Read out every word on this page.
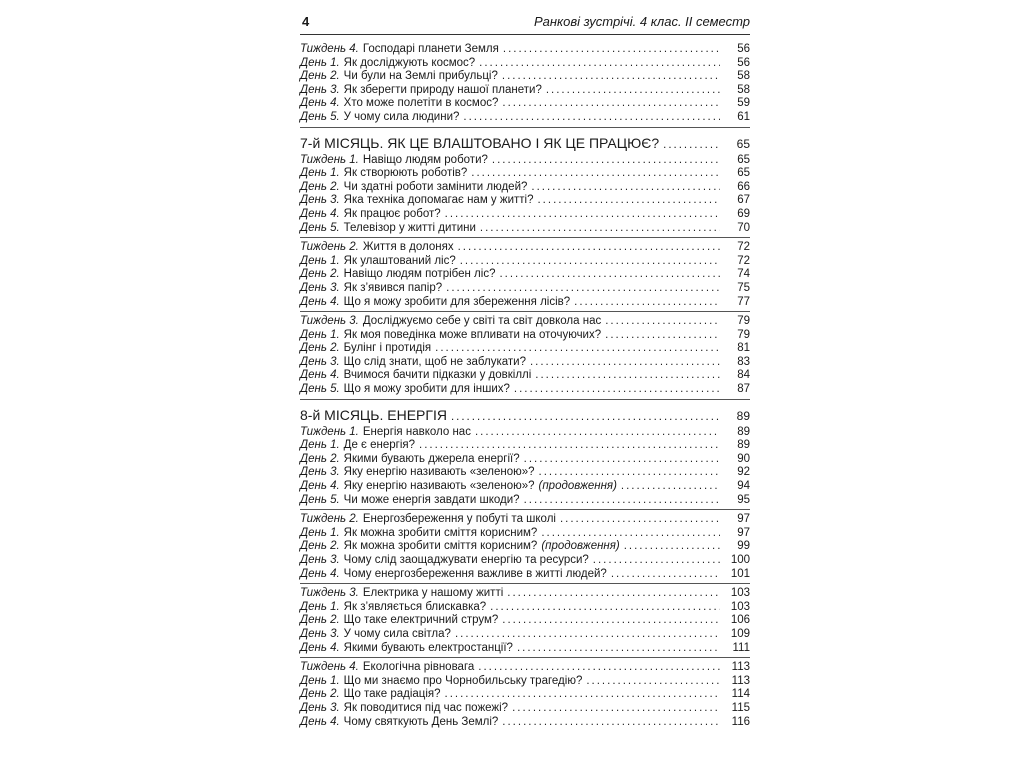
4	Ранкові зустрічі. 4 клас. II семестр
Тиждень 4. Господарі планети Земля .....	56
День 1. Як досліджують космос? .....	56
День 2. Чи були на Землі прибульці? .....	58
День 3. Як зберегти природу нашої планети? .....	58
День 4. Хто може полетіти в космос? .....	59
День 5. У чому сила людини? .....	61
7-й МІСЯЦЬ. ЯК ЦЕ ВЛАШТОВАНО І ЯК ЦЕ ПРАЦЮЄ? .....	65
Тиждень 1. Навіщо людям роботи? .....	65
День 1. Як створюють роботів? .....	65
День 2. Чи здатні роботи замінити людей? .....	66
День 3. Яка техніка допомагає нам у житті? .....	67
День 4. Як працює робот? .....	69
День 5. Телевізор у житті дитини .....	70
Тиждень 2. Життя в долонях .....	72
День 1. Як улаштований ліс? .....	72
День 2. Навіщо людям потрібен ліс? .....	74
День 3. Як з’явився папір? .....	75
День 4. Що я можу зробити для збереження лісів? .....	77
Тиждень 3. Досліджуємо себе у світі та світ довкола нас .....	79
День 1. Як моя поведінка може впливати на оточуючих? .....	79
День 2. Булінг і протидія .....	81
День 3. Що слід знати, щоб не заблукати? .....	83
День 4. Вчимося бачити підказки у довкіллі .....	84
День 5. Що я можу зробити для інших? .....	87
8-й МІСЯЦЬ. ЕНЕРГІЯ .....	89
Тиждень 1. Енергія навколо нас .....	89
День 1. Де є енергія? .....	89
День 2. Якими бувають джерела енергії? .....	90
День 3. Яку енергію називають «зеленою»? .....	92
День 4. Яку енергію називають «зеленою»? (продовження) .....	94
День 5. Чи може енергія завдати шкоди? .....	95
Тиждень 2. Енергозбереження у побуті та школі .....	97
День 1. Як можна зробити сміття корисним? .....	97
День 2. Як можна зробити сміття корисним? (продовження) .....	99
День 3. Чому слід заощаджувати енергію та ресурси? .....	100
День 4. Чому енергозбереження важливе в житті людей? .....	101
Тиждень 3. Електрика у нашому житті .....	103
День 1. Як з’являється блискавка? .....	103
День 2. Що таке електричний струм? .....	106
День 3. У чому сила світла? .....	109
День 4. Якими бувають електростанції? .....	111
Тиждень 4. Екологічна рівновага .....	113
День 1. Що ми знаємо про Чорнобильську трагедію? .....	113
День 2. Що таке радіація? .....	114
День 3. Як поводитися під час пожежі? .....	115
День 4. Чому святкують День Землі? .....	116
